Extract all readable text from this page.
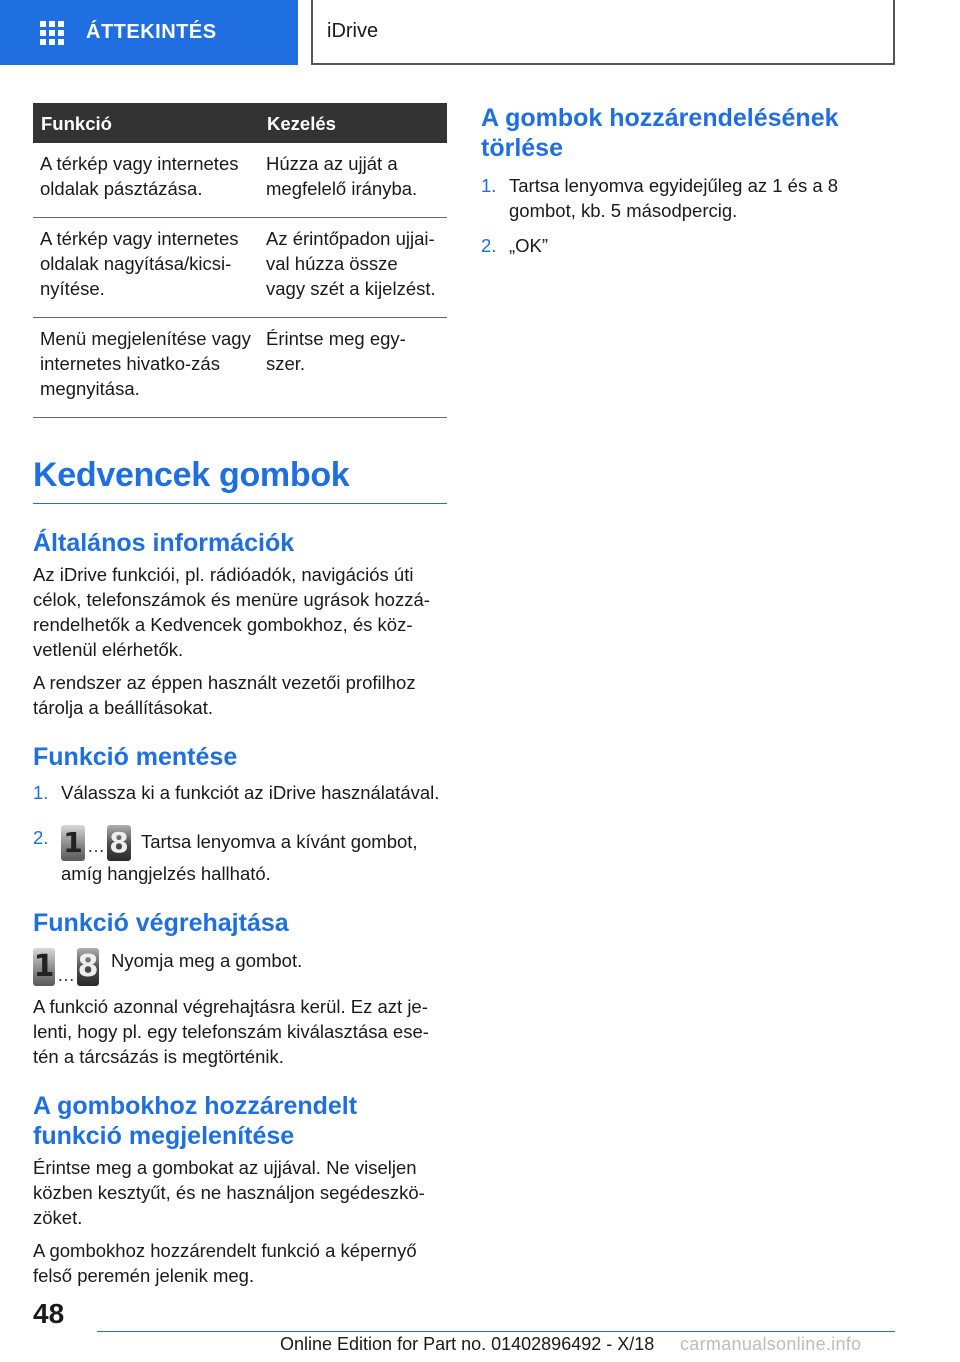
ÁTTEKINTÉS	iDrive
Funkció	Kezelés
A térkép vagy internetes oldalak pásztázása.	Húzza az ujját a megfelelő irányba.
A térkép vagy internetes oldalak nagyítása/kicsi-nyítése.	Az érintőpadon ujjai-val húzza össze vagy szét a kijelzést.
Menü megjelenítése vagy internetes hivatko-zás megnyitása.	Érintse meg egy-szer.
Kedvencek gombok
Általános információk

Az iDrive funkciói, pl. rádióadók, navigációs úti célok, telefonszámok és menüre ugrások hozzá-rendelhetők a Kedvencek gombokhoz, és köz-vetlenül elérhetők.

A rendszer az éppen használt vezetői profilhoz tárolja a beállításokat.

Funkció mentése
1. Válassza ki a funkciót az iDrive használatával.
2. 1 … 8 Tartsa lenyomva a kívánt gombot, amíg hangjelzés hallható.
Funkció végrehajtása
1 … 8 Nyomja meg a gombot.

A funkció azonnal végrehajtásra kerül. Ez azt je-lenti, hogy pl. egy telefonszám kiválasztása ese-tén a tárcsázás is megtörténik.

A gombokhoz hozzárendelt funkció megjelenítése

Érintse meg a gombokat az ujjával. Ne viseljen közben kesztyűt, és ne használjon segédeszkö-zöket.

A gombokhoz hozzárendelt funkció a képernyő felső peremén jelenik meg.

A gombok hozzárendelésének törlése
1. Tartsa lenyomva egyidejűleg az 1 és a 8 gombot, kb. 5 másodpercig.
2. „OK”
48
Online Edition for Part no. 01402896492 - X/18 carmanualsonline.info
